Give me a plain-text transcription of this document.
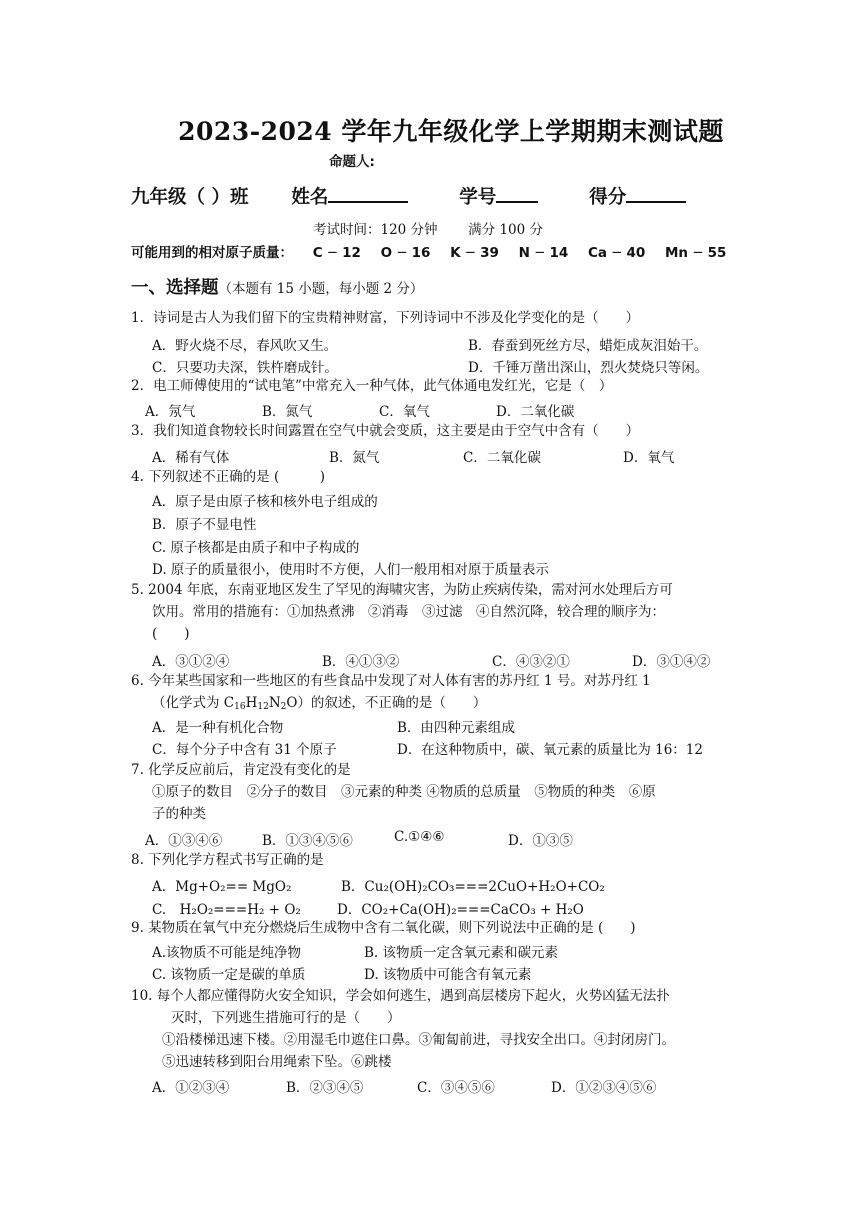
2023-2024 学年九年级化学上学期期末测试题
命题人:
九年级（ ）班 姓名	学号	得分
考试时间：120 分钟 满分 100 分
可能用到的相对原子质量： C ─ 12 O ─ 16 K ─ 39 N ─ 14 Ca ─ 40 Mn ─ 55
一、选择题（本题有 15 小题，每小题 2 分）
1．诗词是古人为我们留下的宝贵精神财富，下列诗词中不涉及化学变化的是（　　）
A．野火烧不尽，春风吹又生。	B．春蚕到死丝方尽，蜡炬成灰泪始干。
C．只要功夫深，铁杵磨成针。	D．千锤万凿出深山，烈火焚烧只等闲。
2．电工师傅使用的“试电笔”中常充入一种气体，此气体通电发红光，它是（　）
A．氖气	B．氮气	C．氧气	D．二氧化碳
3．我们知道食物较长时间露置在空气中就会变质，这主要是由于空气中含有（　　）
A．稀有气体	B．氮气	C．二氧化碳	D．氧气
4. 下列叙述不正确的是 (　　　)
A．原子是由原子核和核外电子组成的
B．原子不显电性
C. 原子核都是由质子和中子构成的
D. 原子的质量很小，使用时不方便，人们一般用相对原于质量表示
5. 2004 年底，东南亚地区发生了罕见的海啸灾害，为防止疾病传染，需对河水处理后方可
饮用。常用的措施有：①加热煮沸　②消毒　③过滤　④自然沉降，较合理的顺序为：
(　　)
A．③①②④	B．④①③②	C．④③②①	D．③①④②
6. 今年某些国家和一些地区的有些食品中发现了对人体有害的苏丹红 1 号。对苏丹红 1
（化学式为 $C_{16}H_{12}N_2O$）的叙述，不正确的是（　　）
A．是一种有机化合物	B．由四种元素组成
C．每个分子中含有 31 个原子	D．在这种物质中，碳、氧元素的质量比为 16：12
7. 化学反应前后，肯定没有变化的是
①原子的数目　②分子的数目　③元素的种类 ④物质的总质量　⑤物质的种类　⑥原
子的种类
A．①③④⑥	B．①③④⑤⑥	C.①④⑥	D．①③⑤
8. 下列化学方程式书写正确的是
A．Mg+O₂== MgO₂	B．Cu₂(OH)₂CO₃===2CuO+H₂O+CO₂
C.　H₂O₂===H₂ + O₂	D．CO₂+Ca(OH)₂===CaCO₃ + H₂O
9. 某物质在氧气中充分燃烧后生成物中含有二氧化碳，则下列说法中正确的是 (　　)
A.该物质不可能是纯净物	B. 该物质一定含氧元素和碳元素
C. 该物质一定是碳的单质	D. 该物质中可能含有氧元素
10. 每个人都应懂得防火安全知识，学会如何逃生，遇到高层楼房下起火，火势凶猛无法扑
灭时，下列逃生措施可行的是（　　）
①沿楼梯迅速下楼。②用湿毛巾遮住口鼻。③匍匐前进，寻找安全出口。④封闭房门。
⑤迅速转移到阳台用绳索下坠。⑥跳楼
A．①②③④	B．②③④⑤	C．③④⑤⑥	D．①②③④⑤⑥
